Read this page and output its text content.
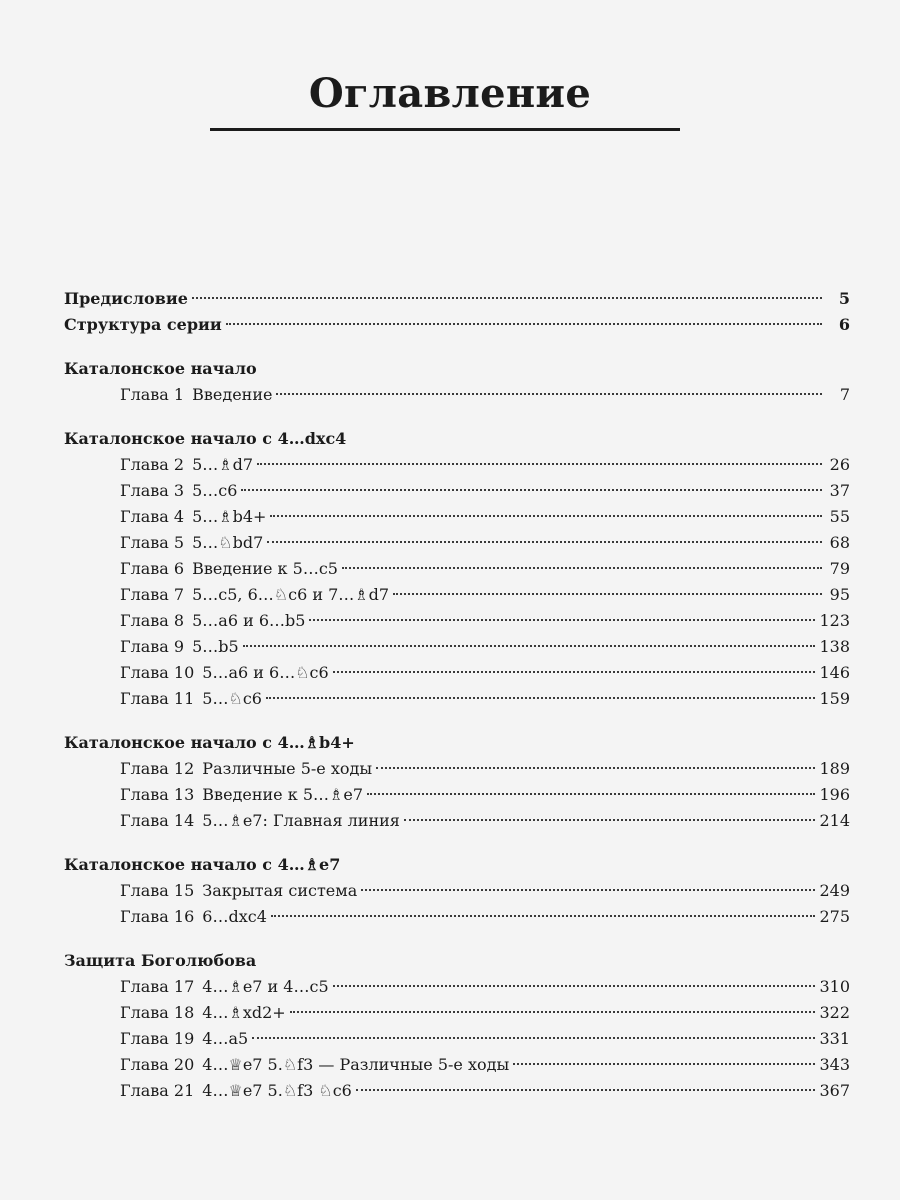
Оглавление
Предисловие	5
Структура серии	6
Каталонское начало
Глава 1 Введение	7
Каталонское начало с 4…dxc4
Глава 2 5…♗d7	26
Глава 3 5…c6	37
Глава 4 5…♗b4+	55
Глава 5 5…♘bd7	68
Глава 6 Введение к 5…c5	79
Глава 7 5…c5, 6…♘c6 и 7…♗d7	95
Глава 8 5…a6 и 6…b5	123
Глава 9 5…b5	138
Глава 10 5…a6 и 6…♘c6	146
Глава 11 5…♘c6	159
Каталонское начало с 4…♗b4+
Глава 12 Различные 5-е ходы	189
Глава 13 Введение к 5…♗e7	196
Глава 14 5…♗e7: Главная линия	214
Каталонское начало с 4…♗e7
Глава 15 Закрытая система	249
Глава 16 6…dxc4	275
Защита Боголюбова
Глава 17 4…♗e7 и 4…c5	310
Глава 18 4…♗xd2+	322
Глава 19 4…a5	331
Глава 20 4…♕e7 5.♘f3 — Различные 5-е ходы	343
Глава 21 4…♕e7 5.♘f3 ♘c6	367
